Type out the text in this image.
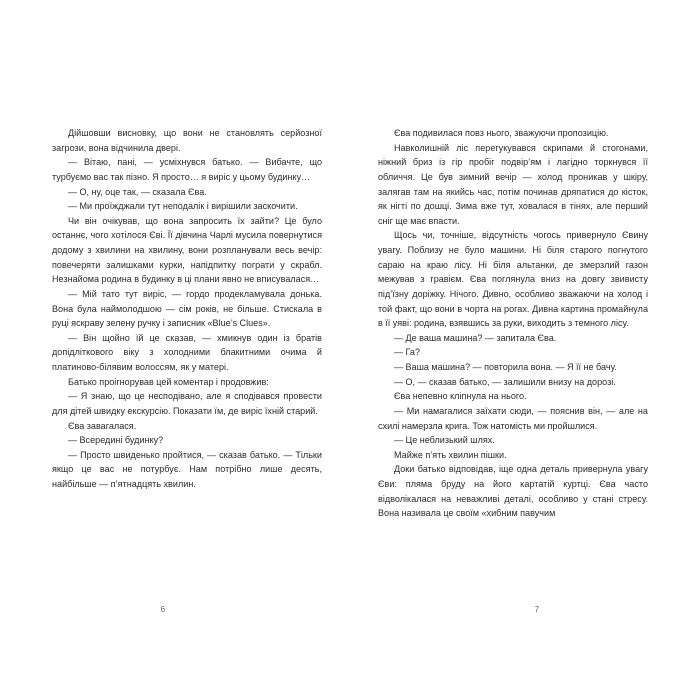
Дійшовши висновку, що вони не становлять серйозної загрози, вона відчинила двері.

— Вітаю, пані, — усміхнувся батько. — Вибачте, що турбуємо вас так пізно. Я просто… я виріс у цьому будинку…

— О, ну, оце так, — сказала Єва.

— Ми проїжджали тут неподалік і вирішили заскочити.

Чи він очікував, що вона запросить їх зайти? Це було останнє, чого хотілося Єві. Її дівчина Чарлі мусила повернутися додому з хвилини на хвилину, вони розпланували весь вечір: повечеряти залишками курки, напідпитку пограти у скрабл. Незнайома родина в будинку в ці плани явно не вписувалася…

— Мій тато тут виріс, — гордо продекламувала донька. Вона була наймолодшою — сім років, не більше. Стискала в руці яскраву зелену ручку і записник «Blue’s Clues».

— Він щойно їй це сказав, — хмикнув один із братів допідліткового віку з холодними блакитними очима й платиново-білявим волоссям, як у матері.

Батько проігнорував цей коментар і продовжив:

— Я знаю, що це несподівано, але я сподівався провести для дітей швидку екскурсію. Показати їм, де виріс їхній старий.

Єва завагалася.

— Всередині будинку?

— Просто швиденько пройтися, — сказав батько. — Тільки якщо це вас не потурбує. Нам потрібно лише десять, найбільше — п’ятнадцять хвилин.

6

Єва подивилася повз нього, зважуючи пропозицію.

Навколишній ліс перегукувався скрипами й стогонами, ніжний бриз із гір пробіг подвір’ям і лагідно торкнувся її обличчя. Це був зимний вечір — холод проникав у шкіру, залягав там на якийсь час, потім починав дряпатися до кісток, як нігті по дошці. Зима вже тут, ховалася в тінях, але перший сніг ще має впасти.

Щось чи, точніше, відсутність чогось привернуло Євину увагу. Поблизу не було машини. Ні біля старого погнутого сараю на краю лісу. Ні біля альтанки, де змерзлий газон межував з гравієм. Єва поглянула вниз на довгу звивисту під’їзну доріжку. Нічого. Дивно, особливо зважаючи на холод і той факт, що вони в чорта на рогах. Дивна картина промайнула в її уяві: родина, взявшись за руки, виходить з темного лісу.

— Де ваша машина? — запитала Єва.

— Га?

— Ваша машина? — повторила вона. — Я її не бачу.

— О, — сказав батько, — залишили внизу на дорозі.

Єва непевно кліпнула на нього.

— Ми намагалися заїхати сюди, — пояснив він, — але на схилі намерзла крига. Тож натомість ми пройшлися.

— Це неблизький шлях.

Майже п’ять хвилин пішки.

Доки батько відповідав, іще одна деталь привернула увагу Єви: пляма бруду на його картатій куртці. Єва часто відволікалася на неважливі деталі, особливо у стані стресу. Вона називала це своїм «хибним павучим

7
